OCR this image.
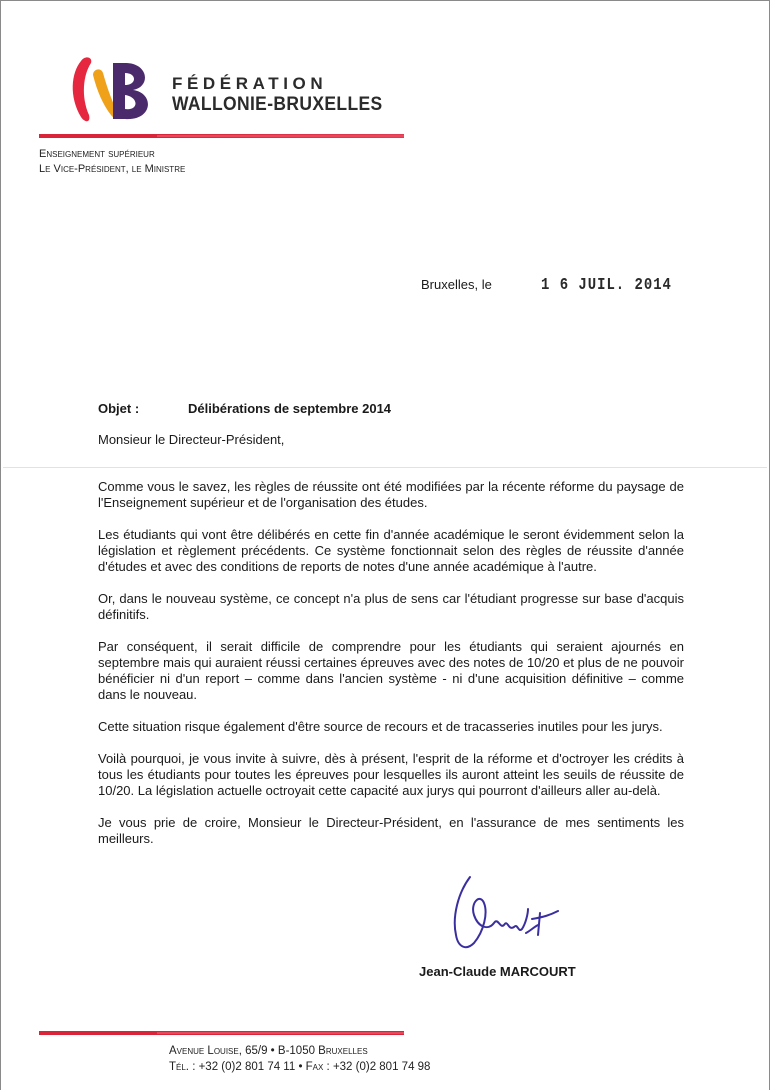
FÉDÉRATION
WALLONIE-BRUXELLES
Enseignement supérieur
Le Vice-Président, le Ministre
Bruxelles, le	1 6 JUIL. 2014
Objet :	Délibérations de septembre 2014
Monsieur le Directeur-Président,

Comme vous le savez, les règles de réussite ont été modifiées par la récente réforme du paysage de l'Enseignement supérieur et de l'organisation des études.

Les étudiants qui vont être délibérés en cette fin d'année académique le seront évidemment selon la législation et règlement précédents. Ce système fonctionnait selon des règles de réussite d'année d'études et avec des conditions de reports de notes d'une année académique à l'autre.

Or, dans le nouveau système, ce concept n'a plus de sens car l'étudiant progresse sur base d'acquis définitifs.

Par conséquent, il serait difficile de comprendre pour les étudiants qui seraient ajournés en septembre mais qui auraient réussi certaines épreuves avec des notes de 10/20 et plus de ne pouvoir bénéficier ni d'un report – comme dans l'ancien système - ni d'une acquisition définitive – comme dans le nouveau.

Cette situation risque également d'être source de recours et de tracasseries inutiles pour les jurys.

Voilà pourquoi, je vous invite à suivre, dès à présent, l'esprit de la réforme et d'octroyer les crédits à tous les étudiants pour toutes les épreuves pour lesquelles ils auront atteint les seuils de réussite de 10/20. La législation actuelle octroyait cette capacité aux jurys qui pourront d'ailleurs aller au-delà.

Je vous prie de croire, Monsieur le Directeur-Président, en l'assurance de mes sentiments les meilleurs.

Jean-Claude MARCOURT
Avenue Louise, 65/9 • B-1050 Bruxelles
Tél. : +32 (0)2 801 74 11 • Fax : +32 (0)2 801 74 98
